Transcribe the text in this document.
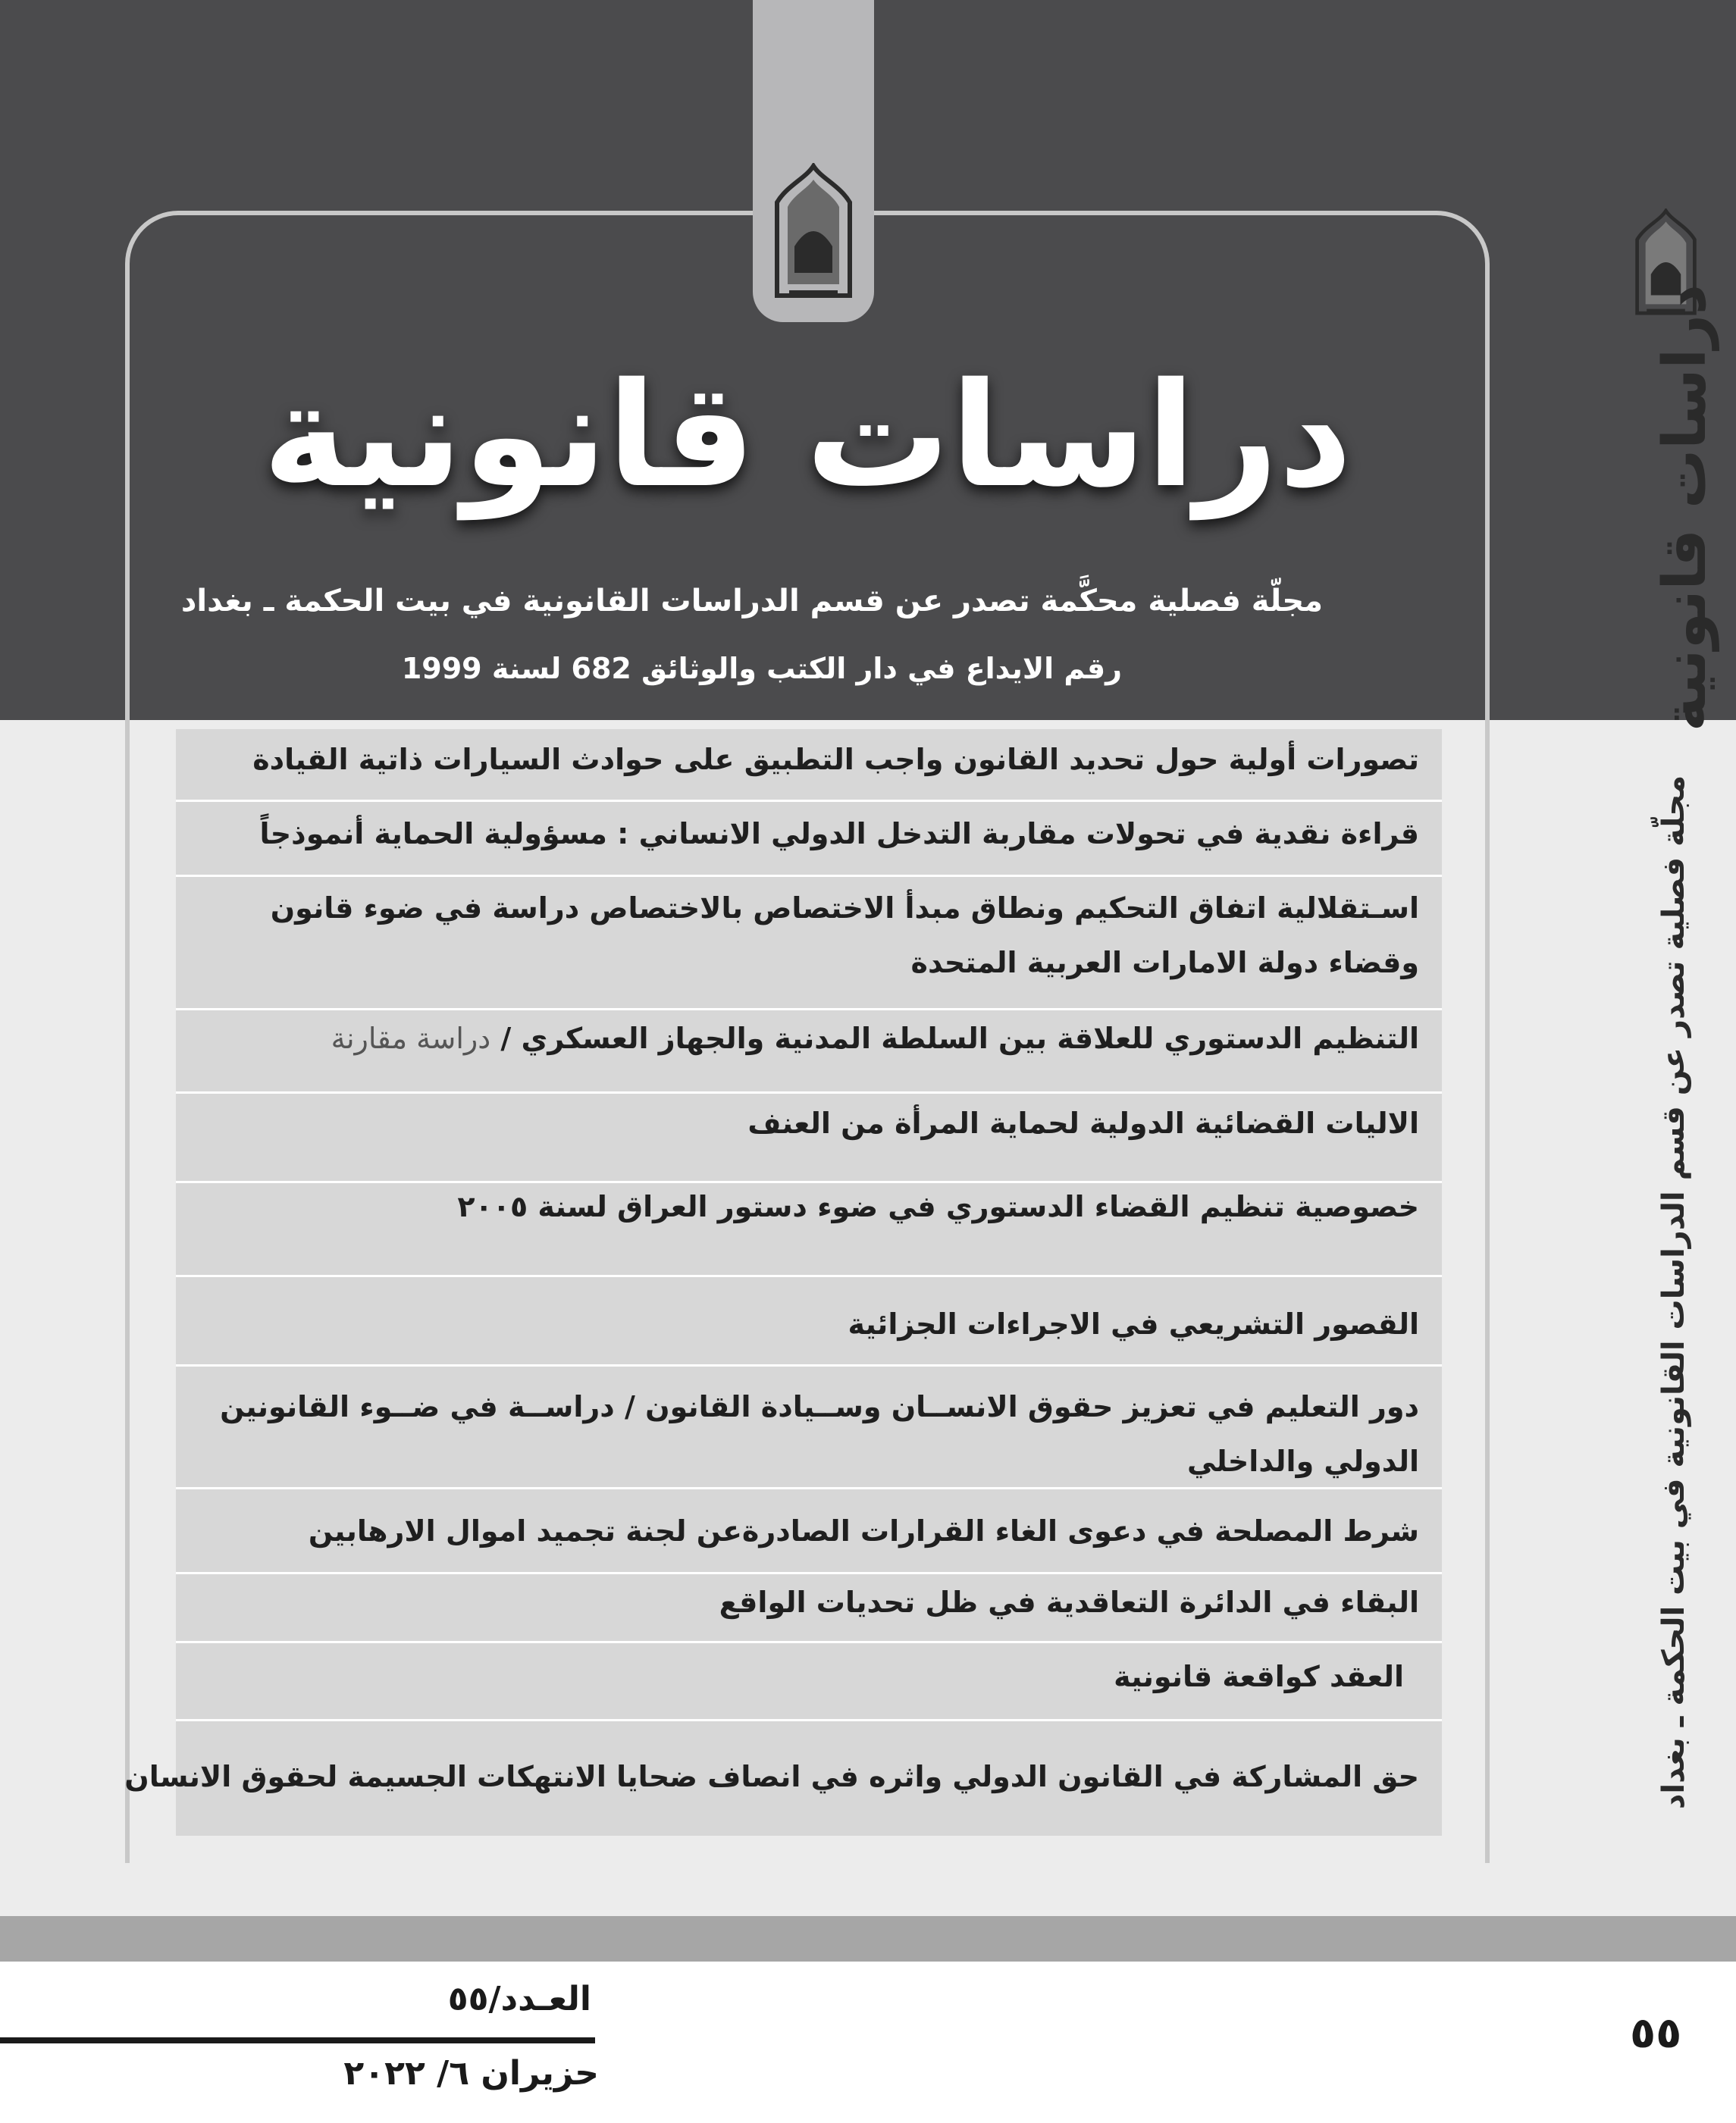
دراسات قانونية
مجلّة فصلية محكَّمة تصدر عن قسم الدراسات القانونية في بيت الحكمة ـ بغداد
رقم الايداع في دار الكتب والوثائق 682 لسنة 1999
تصورات أولية حول تحديد القانون واجب التطبيق على حوادث السيارات ذاتية القيادة
قراءة نقدية في تحولات مقاربة التدخل الدولي الانساني : مسؤولية الحماية أنموذجاً
اسـتقلالية اتفاق التحكيم ونطاق مبدأ الاختصاص بالاختصاص دراسة في ضوء قانون وقضاء دولة الامارات العربية المتحدة
التنظيم الدستوري للعلاقة بين السلطة المدنية والجهاز العسكري / دراسة مقارنة
الاليات القضائية الدولية لحماية المرأة من العنف
خصوصية تنظيم القضاء الدستوري في ضوء دستور العراق لسنة ٢٠٠٥
القصور التشريعي في الاجراءات الجزائية
دور التعليم في تعزيز حقوق الانســان وســيادة القانون / دراســة في ضــوء القانونين الدولي والداخلي
شرط المصلحة في دعوى الغاء القرارات الصادرةعن لجنة تجميد اموال الارهابين
البقاء في الدائرة التعاقدية في ظل تحديات الواقع
العقد كواقعة قانونية
حق المشاركة في القانون الدولي واثره في انصاف ضحايا الانتهكات الجسيمة لحقوق الانسان
دراسات قانونية
مجلّة فصلية تصدر عن قسم الدراسات القانونية في بيت الحكمة ـ بغداد
العـدد/٥٥
حزيران ٦/ ٢٠٢٢
٥٥
